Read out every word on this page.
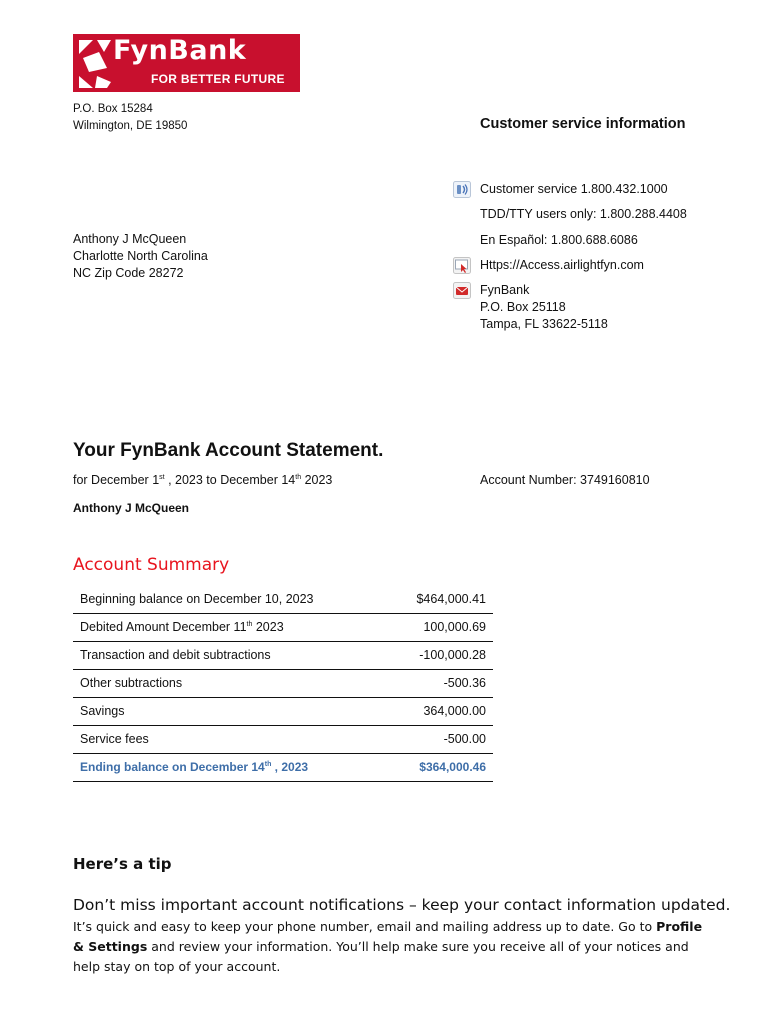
FynBank
FOR BETTER FUTURE
P.O. Box 15284
Wilmington, DE 19850	Customer service information
Customer service 1.800.432.1000
TDD/TTY users only: 1.800.288.4408
En Español: 1.800.688.6086
Https://Access.airlightfyn.com
FynBank
P.O. Box 25118
Tampa, FL 33622-5118
Anthony J McQueen
Charlotte North Carolina
NC Zip Code 28272
Your FynBank Account Statement.
for December 1st , 2023 to December 14th 2023	Account Number: 3749160810
Anthony J McQueen
Account Summary
Beginning balance on December 10, 2023	$464,000.41
Debited Amount December 11th 2023	100,000.69
Transaction and debit subtractions	-100,000.28
Other subtractions	-500.36
Savings	364,000.00
Service fees	-500.00
Ending balance on December 14th , 2023	$364,000.46
Here’s a tip
Don’t miss important account notifications – keep your contact information updated.
It’s quick and easy to keep your phone number, email and mailing address up to date. Go to Profile & Settings and review your information. You’ll help make sure you receive all of your notices and help stay on top of your account.
